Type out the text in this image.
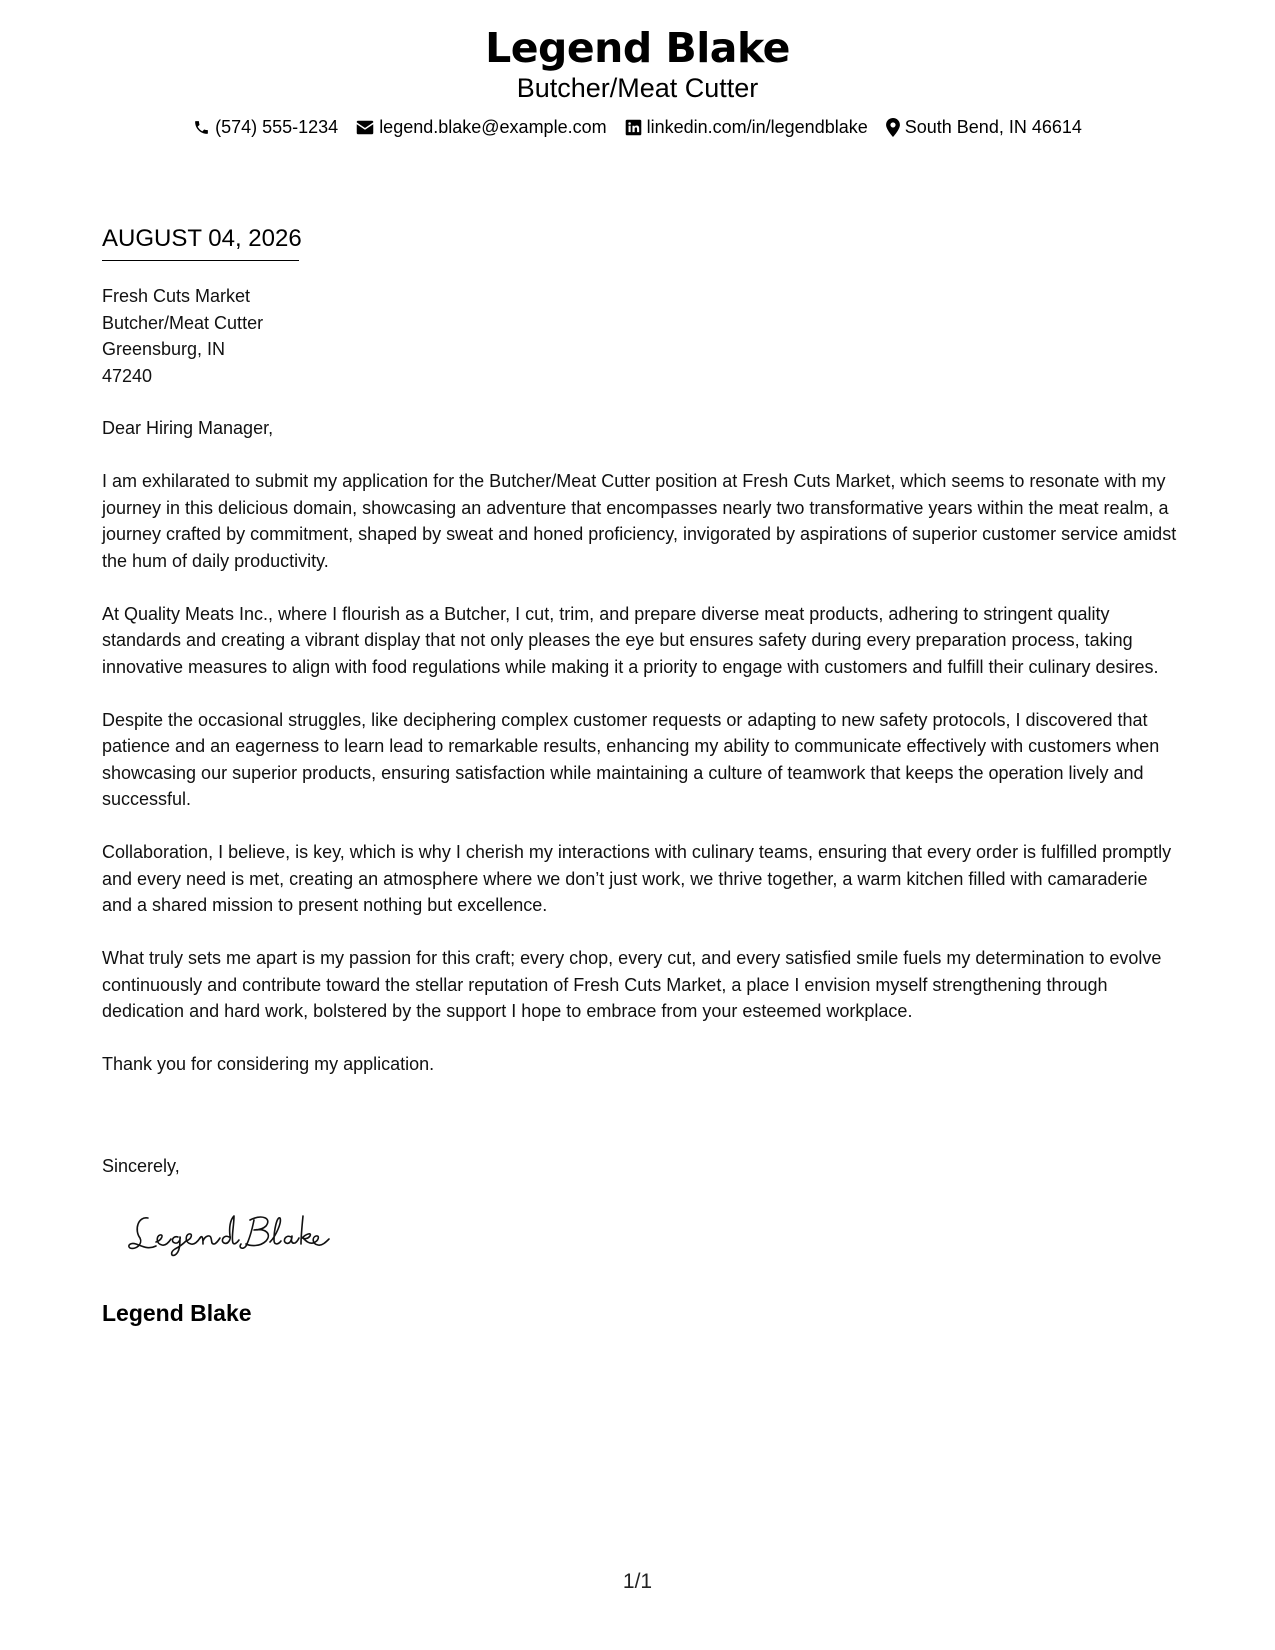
Legend Blake
Butcher/Meat Cutter
(574) 555-1234 legend.blake@example.com linkedin.com/in/legendblake South Bend, IN 46614
AUGUST 04, 2026
Fresh Cuts Market
Butcher/Meat Cutter
Greensburg, IN
47240

Dear Hiring Manager,

I am exhilarated to submit my application for the Butcher/Meat Cutter position at Fresh Cuts Market, which seems to resonate with my journey in this delicious domain, showcasing an adventure that encompasses nearly two transformative years within the meat realm, a journey crafted by commitment, shaped by sweat and honed proficiency, invigorated by aspirations of superior customer service amidst the hum of daily productivity.

At Quality Meats Inc., where I flourish as a Butcher, I cut, trim, and prepare diverse meat products, adhering to stringent quality standards and creating a vibrant display that not only pleases the eye but ensures safety during every preparation process, taking innovative measures to align with food regulations while making it a priority to engage with customers and fulfill their culinary desires.

Despite the occasional struggles, like deciphering complex customer requests or adapting to new safety protocols, I discovered that patience and an eagerness to learn lead to remarkable results, enhancing my ability to communicate effectively with customers when showcasing our superior products, ensuring satisfaction while maintaining a culture of teamwork that keeps the operation lively and successful.

Collaboration, I believe, is key, which is why I cherish my interactions with culinary teams, ensuring that every order is fulfilled promptly and every need is met, creating an atmosphere where we don’t just work, we thrive together, a warm kitchen filled with camaraderie and a shared mission to present nothing but excellence.

What truly sets me apart is my passion for this craft; every chop, every cut, and every satisfied smile fuels my determination to evolve continuously and contribute toward the stellar reputation of Fresh Cuts Market, a place I envision myself strengthening through dedication and hard work, bolstered by the support I hope to embrace from your esteemed workplace.

Thank you for considering my application.

Sincerely,
Legend Blake
1/1
